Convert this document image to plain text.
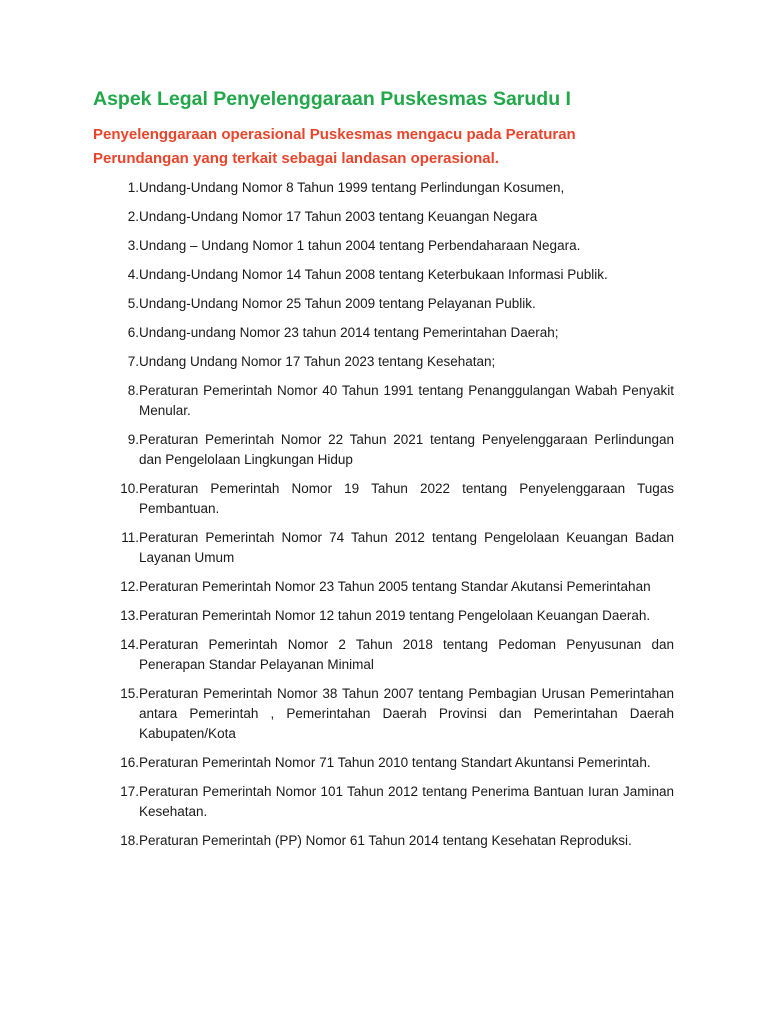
Aspek Legal Penyelenggaraan Puskesmas Sarudu I

Penyelenggaraan operasional Puskesmas mengacu pada Peraturan Perundangan yang terkait sebagai landasan operasional.

1. Undang-Undang Nomor 8 Tahun 1999 tentang Perlindungan Kosumen,
2. Undang-Undang Nomor 17 Tahun 2003 tentang Keuangan Negara
3. Undang – Undang Nomor 1 tahun 2004 tentang Perbendaharaan Negara.
4. Undang-Undang Nomor 14 Tahun 2008 tentang Keterbukaan Informasi Publik.
5. Undang-Undang Nomor 25 Tahun 2009 tentang Pelayanan Publik.
6. Undang-undang Nomor 23 tahun 2014 tentang Pemerintahan Daerah;
7. Undang Undang Nomor 17 Tahun 2023 tentang Kesehatan;
8. Peraturan Pemerintah Nomor 40 Tahun 1991 tentang Penanggulangan Wabah Penyakit Menular.
9. Peraturan Pemerintah Nomor 22 Tahun 2021 tentang Penyelenggaraan Perlindungan dan Pengelolaan Lingkungan Hidup
10. Peraturan Pemerintah Nomor 19 Tahun 2022 tentang Penyelenggaraan Tugas Pembantuan.
11. Peraturan Pemerintah Nomor 74 Tahun 2012 tentang Pengelolaan Keuangan Badan Layanan Umum
12. Peraturan Pemerintah Nomor 23 Tahun 2005 tentang Standar Akutansi Pemerintahan
13. Peraturan Pemerintah Nomor 12 tahun 2019 tentang Pengelolaan Keuangan Daerah.
14. Peraturan Pemerintah Nomor 2 Tahun 2018 tentang Pedoman Penyusunan dan Penerapan Standar Pelayanan Minimal
15. Peraturan Pemerintah Nomor 38 Tahun 2007 tentang Pembagian Urusan Pemerintahan antara Pemerintah , Pemerintahan Daerah Provinsi dan Pemerintahan Daerah Kabupaten/Kota
16. Peraturan Pemerintah Nomor 71 Tahun 2010 tentang Standart Akuntansi Pemerintah.
17. Peraturan Pemerintah Nomor 101 Tahun 2012 tentang Penerima Bantuan Iuran Jaminan Kesehatan.
18. Peraturan Pemerintah (PP) Nomor 61 Tahun 2014 tentang Kesehatan Reproduksi.
